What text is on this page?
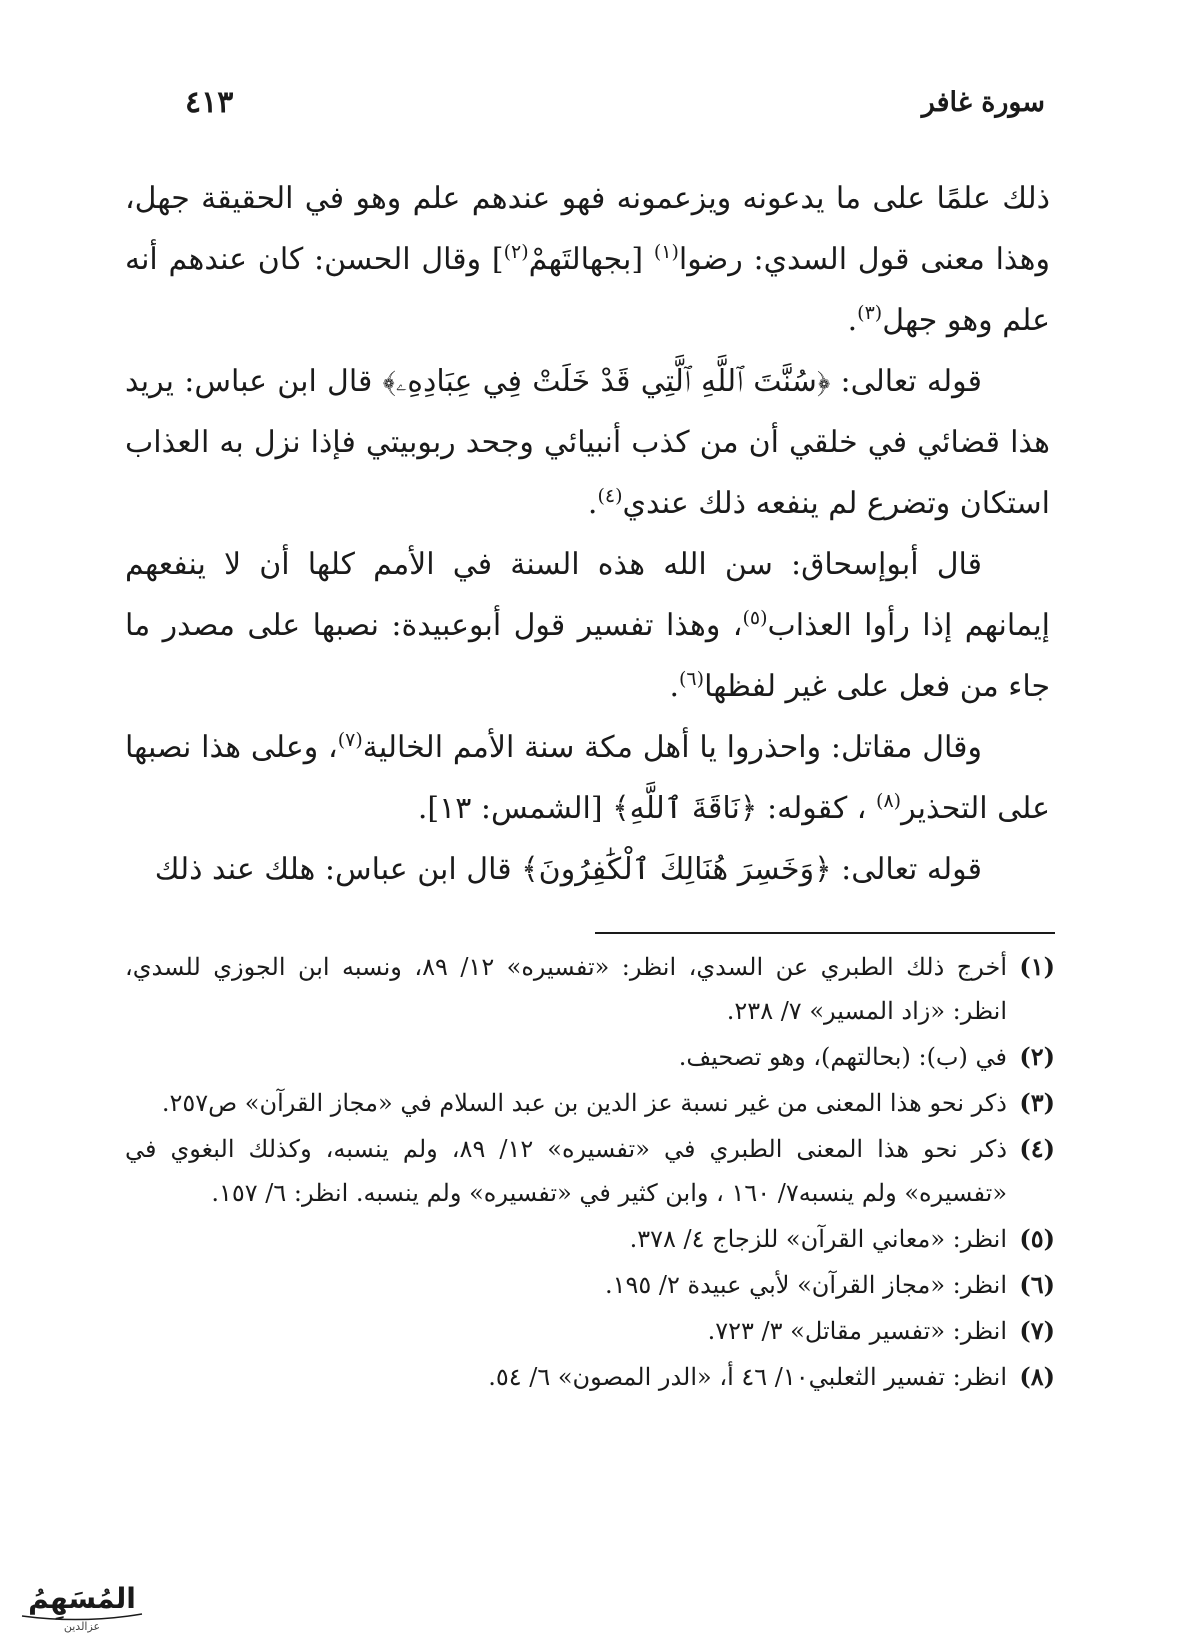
سورة غافر
٤١٣

ذلك علمًا على ما يدعونه ويزعمونه فهو عندهم علم وهو في الحقيقة جهل، وهذا معنى قول السدي: رضوا$^{(١)}$ [بجهالتَهمْ$^{(٢)}$] وقال الحسن: كان عندهم أنه علم وهو جهل$^{(٣)}$.

قوله تعالى: ﴿سُنَّتَ ٱللَّهِ ٱلَّتِي قَدْ خَلَتْ فِي عِبَادِهِۦ﴾ قال ابن عباس: يريد هذا قضائي في خلقي أن من كذب أنبيائي وجحد ربوبيتي فإذا نزل به العذاب استكان وتضرع لم ينفعه ذلك عندي$^{(٤)}$.

قال أبوإسحاق: سن الله هذه السنة في الأمم كلها أن لا ينفعهم إيمانهم إذا رأوا العذاب$^{(٥)}$، وهذا تفسير قول أبوعبيدة: نصبها على مصدر ما جاء من فعل على غير لفظها$^{(٦)}$.

وقال مقاتل: واحذروا يا أهل مكة سنة الأمم الخالية$^{(٧)}$، وعلى هذا نصبها على التحذير$^{(٨)}$ ، كقوله: ﴿نَاقَةَ ٱللَّهِ﴾ [الشمس: ١٣].

قوله تعالى: ﴿وَخَسِرَ هُنَالِكَ ٱلْكَٰفِرُونَ﴾ قال ابن عباس: هلك عند ذلك

(١)أخرج ذلك الطبري عن السدي، انظر: «تفسيره» ١٢/ ٨٩، ونسبه ابن الجوزي للسدي، انظر: «زاد المسير» ٧/ ٢٣٨.

(٢)في (ب): (بحالتهم)، وهو تصحيف.

(٣)ذكر نحو هذا المعنى من غير نسبة عز الدين بن عبد السلام في «مجاز القرآن» ص٢٥٧.

(٤)ذكر نحو هذا المعنى الطبري في «تفسيره» ١٢/ ٨٩، ولم ينسبه، وكذلك البغوي في «تفسيره» ولم ينسبه٧/ ١٦٠ ، وابن كثير في «تفسيره» ولم ينسبه. انظر: ٦/ ١٥٧.

(٥)انظر: «معاني القرآن» للزجاج ٤/ ٣٧٨.

(٦)انظر: «مجاز القرآن» لأبي عبيدة ٢/ ١٩٥.

(٧)انظر: «تفسير مقاتل» ٣/ ٧٢٣.

(٨)انظر: تفسير الثعلبي١٠/ ٤٦ أ، «الدر المصون» ٦/ ٥٤.

المُسَهِمُ
عزالدين
